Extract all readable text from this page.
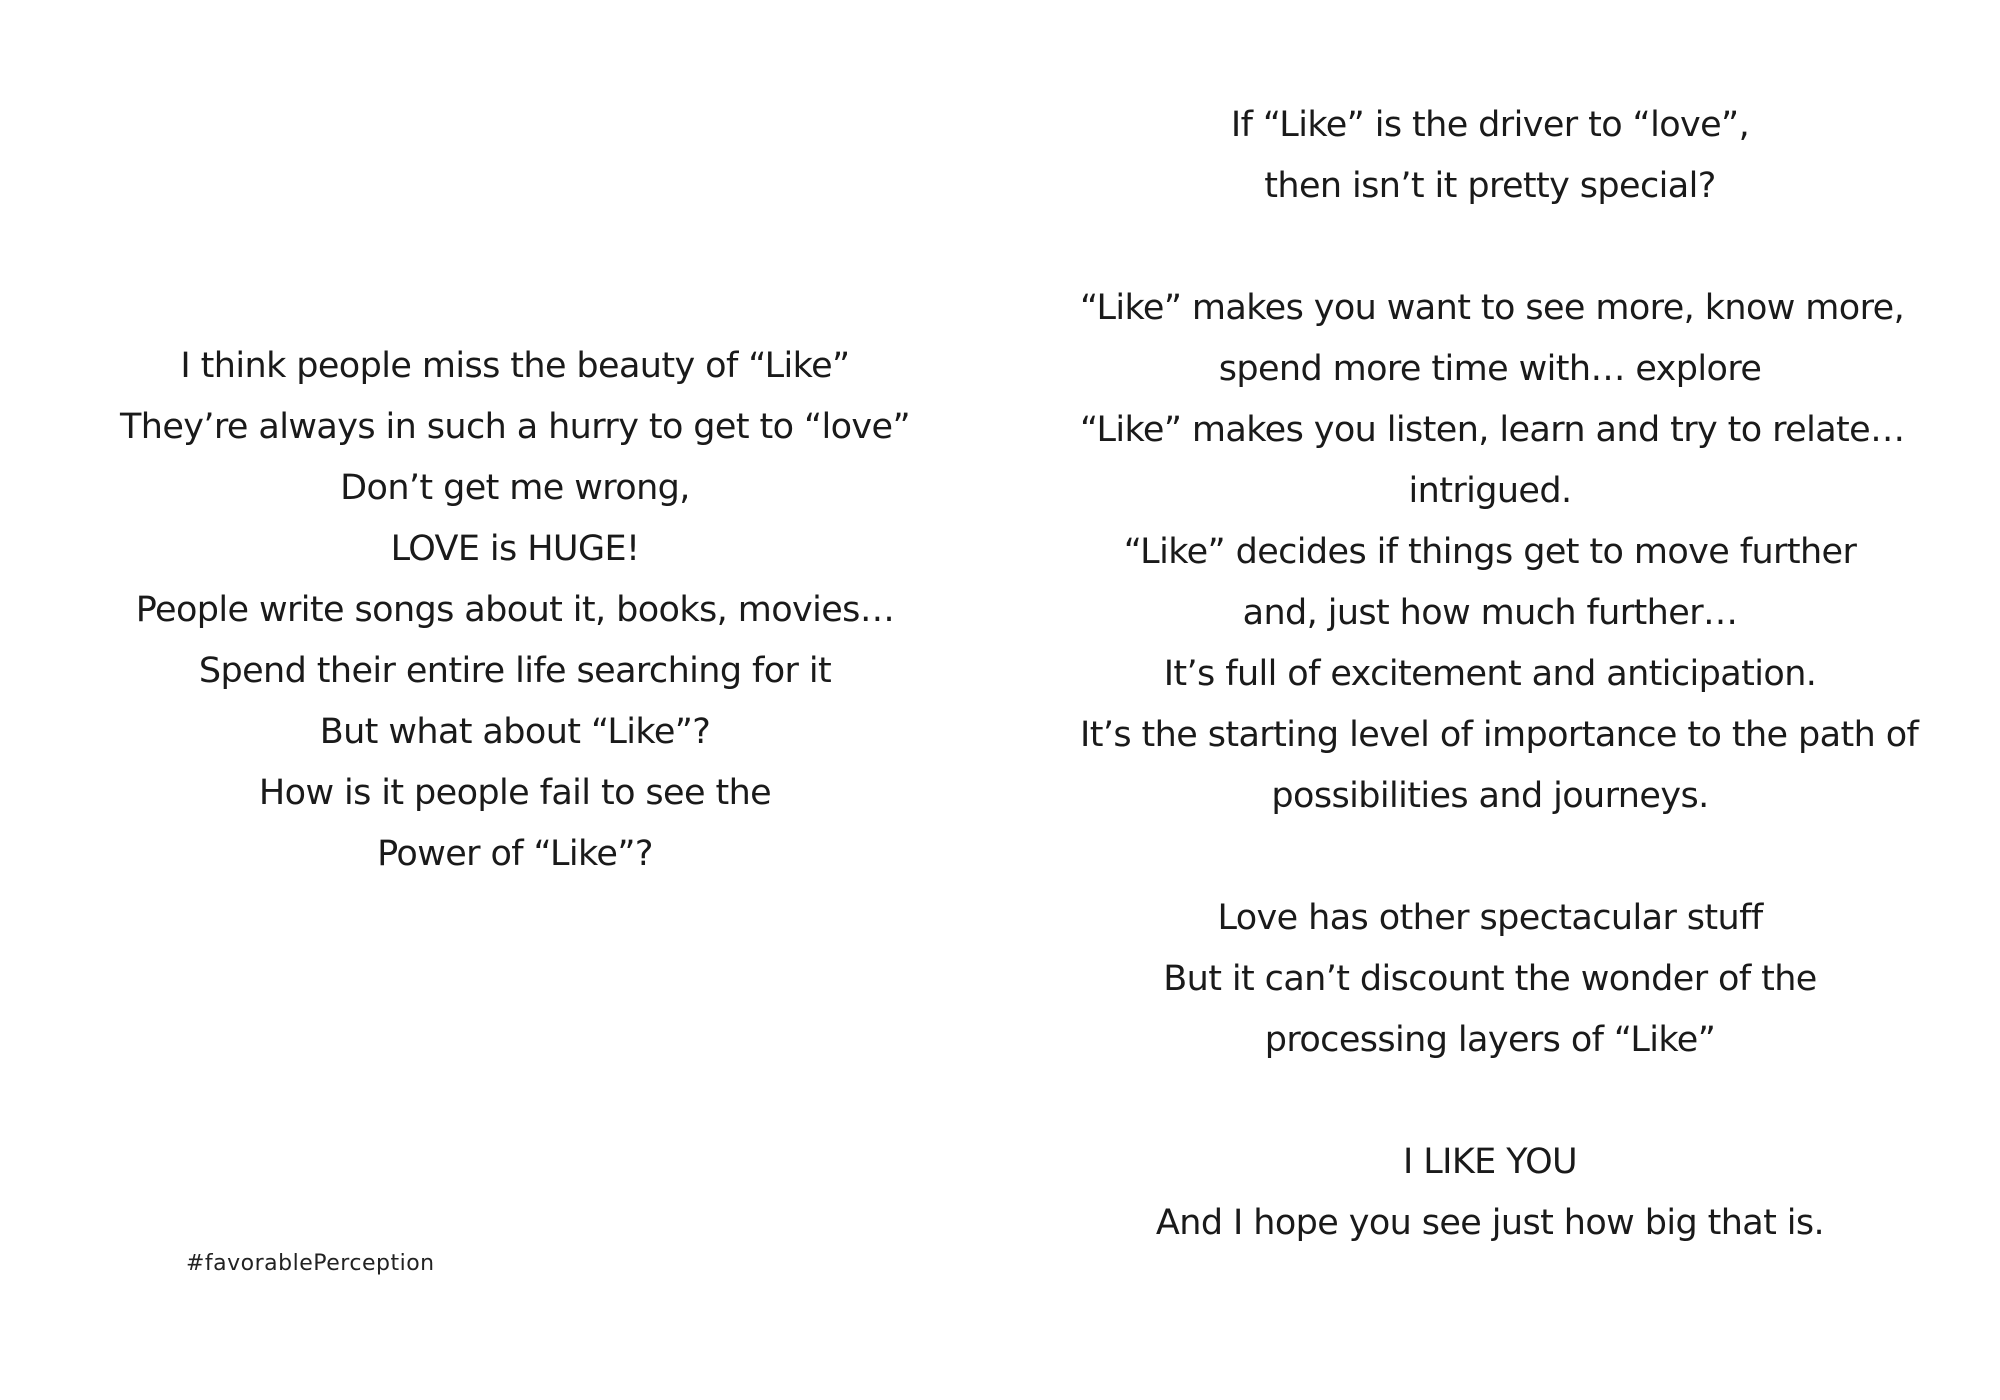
I think people miss the beauty of “Like”
They’re always in such a hurry to get to “love”
Don’t get me wrong,
LOVE is HUGE!
People write songs about it, books, movies…
Spend their entire life searching for it
But what about “Like”?
How is it people fail to see the
Power of “Like”?
If “Like” is the driver to “love”,
then isn’t it pretty special?
“Like” makes you want to see more, know more,
spend more time with… explore
“Like” makes you listen, learn and try to relate…
intrigued.
“Like” decides if things get to move further
and, just how much further…
It’s full of excitement and anticipation.
It’s the starting level of importance to the path of
possibilities and journeys.
Love has other spectacular stuff
But it can’t discount the wonder of the
processing layers of “Like”
I LIKE YOU
And I hope you see just how big that is.
#favorablePerception
